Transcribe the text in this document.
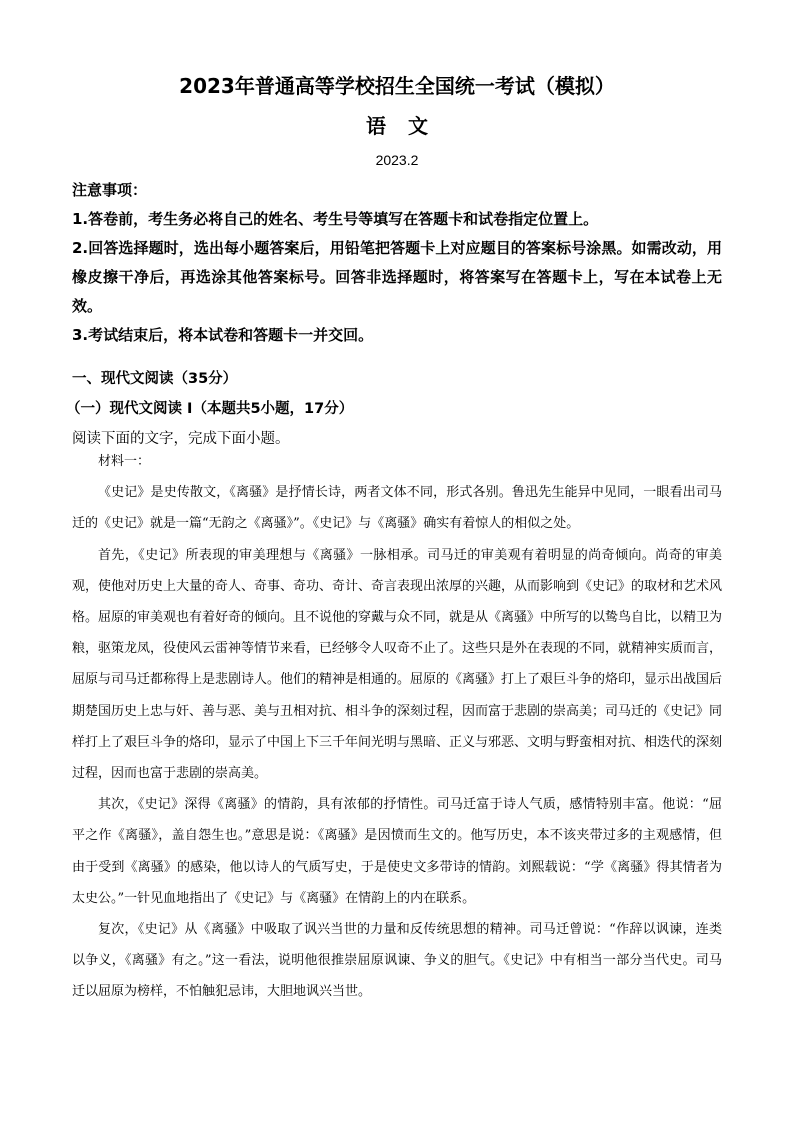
2023年普通高等学校招生全国统一考试（模拟）
语文
2023.2

注意事项：

1.答卷前，考生务必将自己的姓名、考生号等填写在答题卡和试卷指定位置上。

2.回答选择题时，选出每小题答案后，用铅笔把答题卡上对应题目的答案标号涂黑。如需改动，用橡皮擦干净后，再选涂其他答案标号。回答非选择题时，将答案写在答题卡上，写在本试卷上无效。

3.考试结束后，将本试卷和答题卡一并交回。

一、现代文阅读（35分）

（一）现代文阅读 I（本题共5小题，17分）

阅读下面的文字，完成下面小题。

材料一：

《史记》是史传散文，《离骚》是抒情长诗，两者文体不同，形式各别。鲁迅先生能异中见同，一眼看出司马迁的《史记》就是一篇“无韵之《离骚》”。《史记》与《离骚》确实有着惊人的相似之处。

首先，《史记》所表现的审美理想与《离骚》一脉相承。司马迁的审美观有着明显的尚奇倾向。尚奇的审美观，使他对历史上大量的奇人、奇事、奇功、奇计、奇言表现出浓厚的兴趣，从而影响到《史记》的取材和艺术风格。屈原的审美观也有着好奇的倾向。且不说他的穿戴与众不同，就是从《离骚》中所写的以鸷鸟自比，以精卫为粮，驱策龙凤，役使风云雷神等情节来看，已经够令人叹奇不止了。这些只是外在表现的不同，就精神实质而言，屈原与司马迁都称得上是悲剧诗人。他们的精神是相通的。屈原的《离骚》打上了艰巨斗争的烙印，显示出战国后期楚国历史上忠与奸、善与恶、美与丑相对抗、相斗争的深刻过程，因而富于悲剧的崇高美；司马迁的《史记》同样打上了艰巨斗争的烙印，显示了中国上下三千年间光明与黑暗、正义与邪恶、文明与野蛮相对抗、相迭代的深刻过程，因而也富于悲剧的崇高美。

其次，《史记》深得《离骚》的情韵，具有浓郁的抒情性。司马迁富于诗人气质，感情特别丰富。他说：“屈平之作《离骚》，盖自怨生也。”意思是说：《离骚》是因愤而生文的。他写历史，本不该夹带过多的主观感情，但由于受到《离骚》的感染，他以诗人的气质写史，于是使史文多带诗的情韵。刘熙载说：“学《离骚》得其情者为太史公。”一针见血地指出了《史记》与《离骚》在情韵上的内在联系。

复次，《史记》从《离骚》中吸取了讽兴当世的力量和反传统思想的精神。司马迁曾说：“作辞以讽谏，连类以争义，《离骚》有之。”这一看法，说明他很推崇屈原讽谏、争义的胆气。《史记》中有相当一部分当代史。司马迁以屈原为榜样，不怕触犯忌讳，大胆地讽兴当世。
